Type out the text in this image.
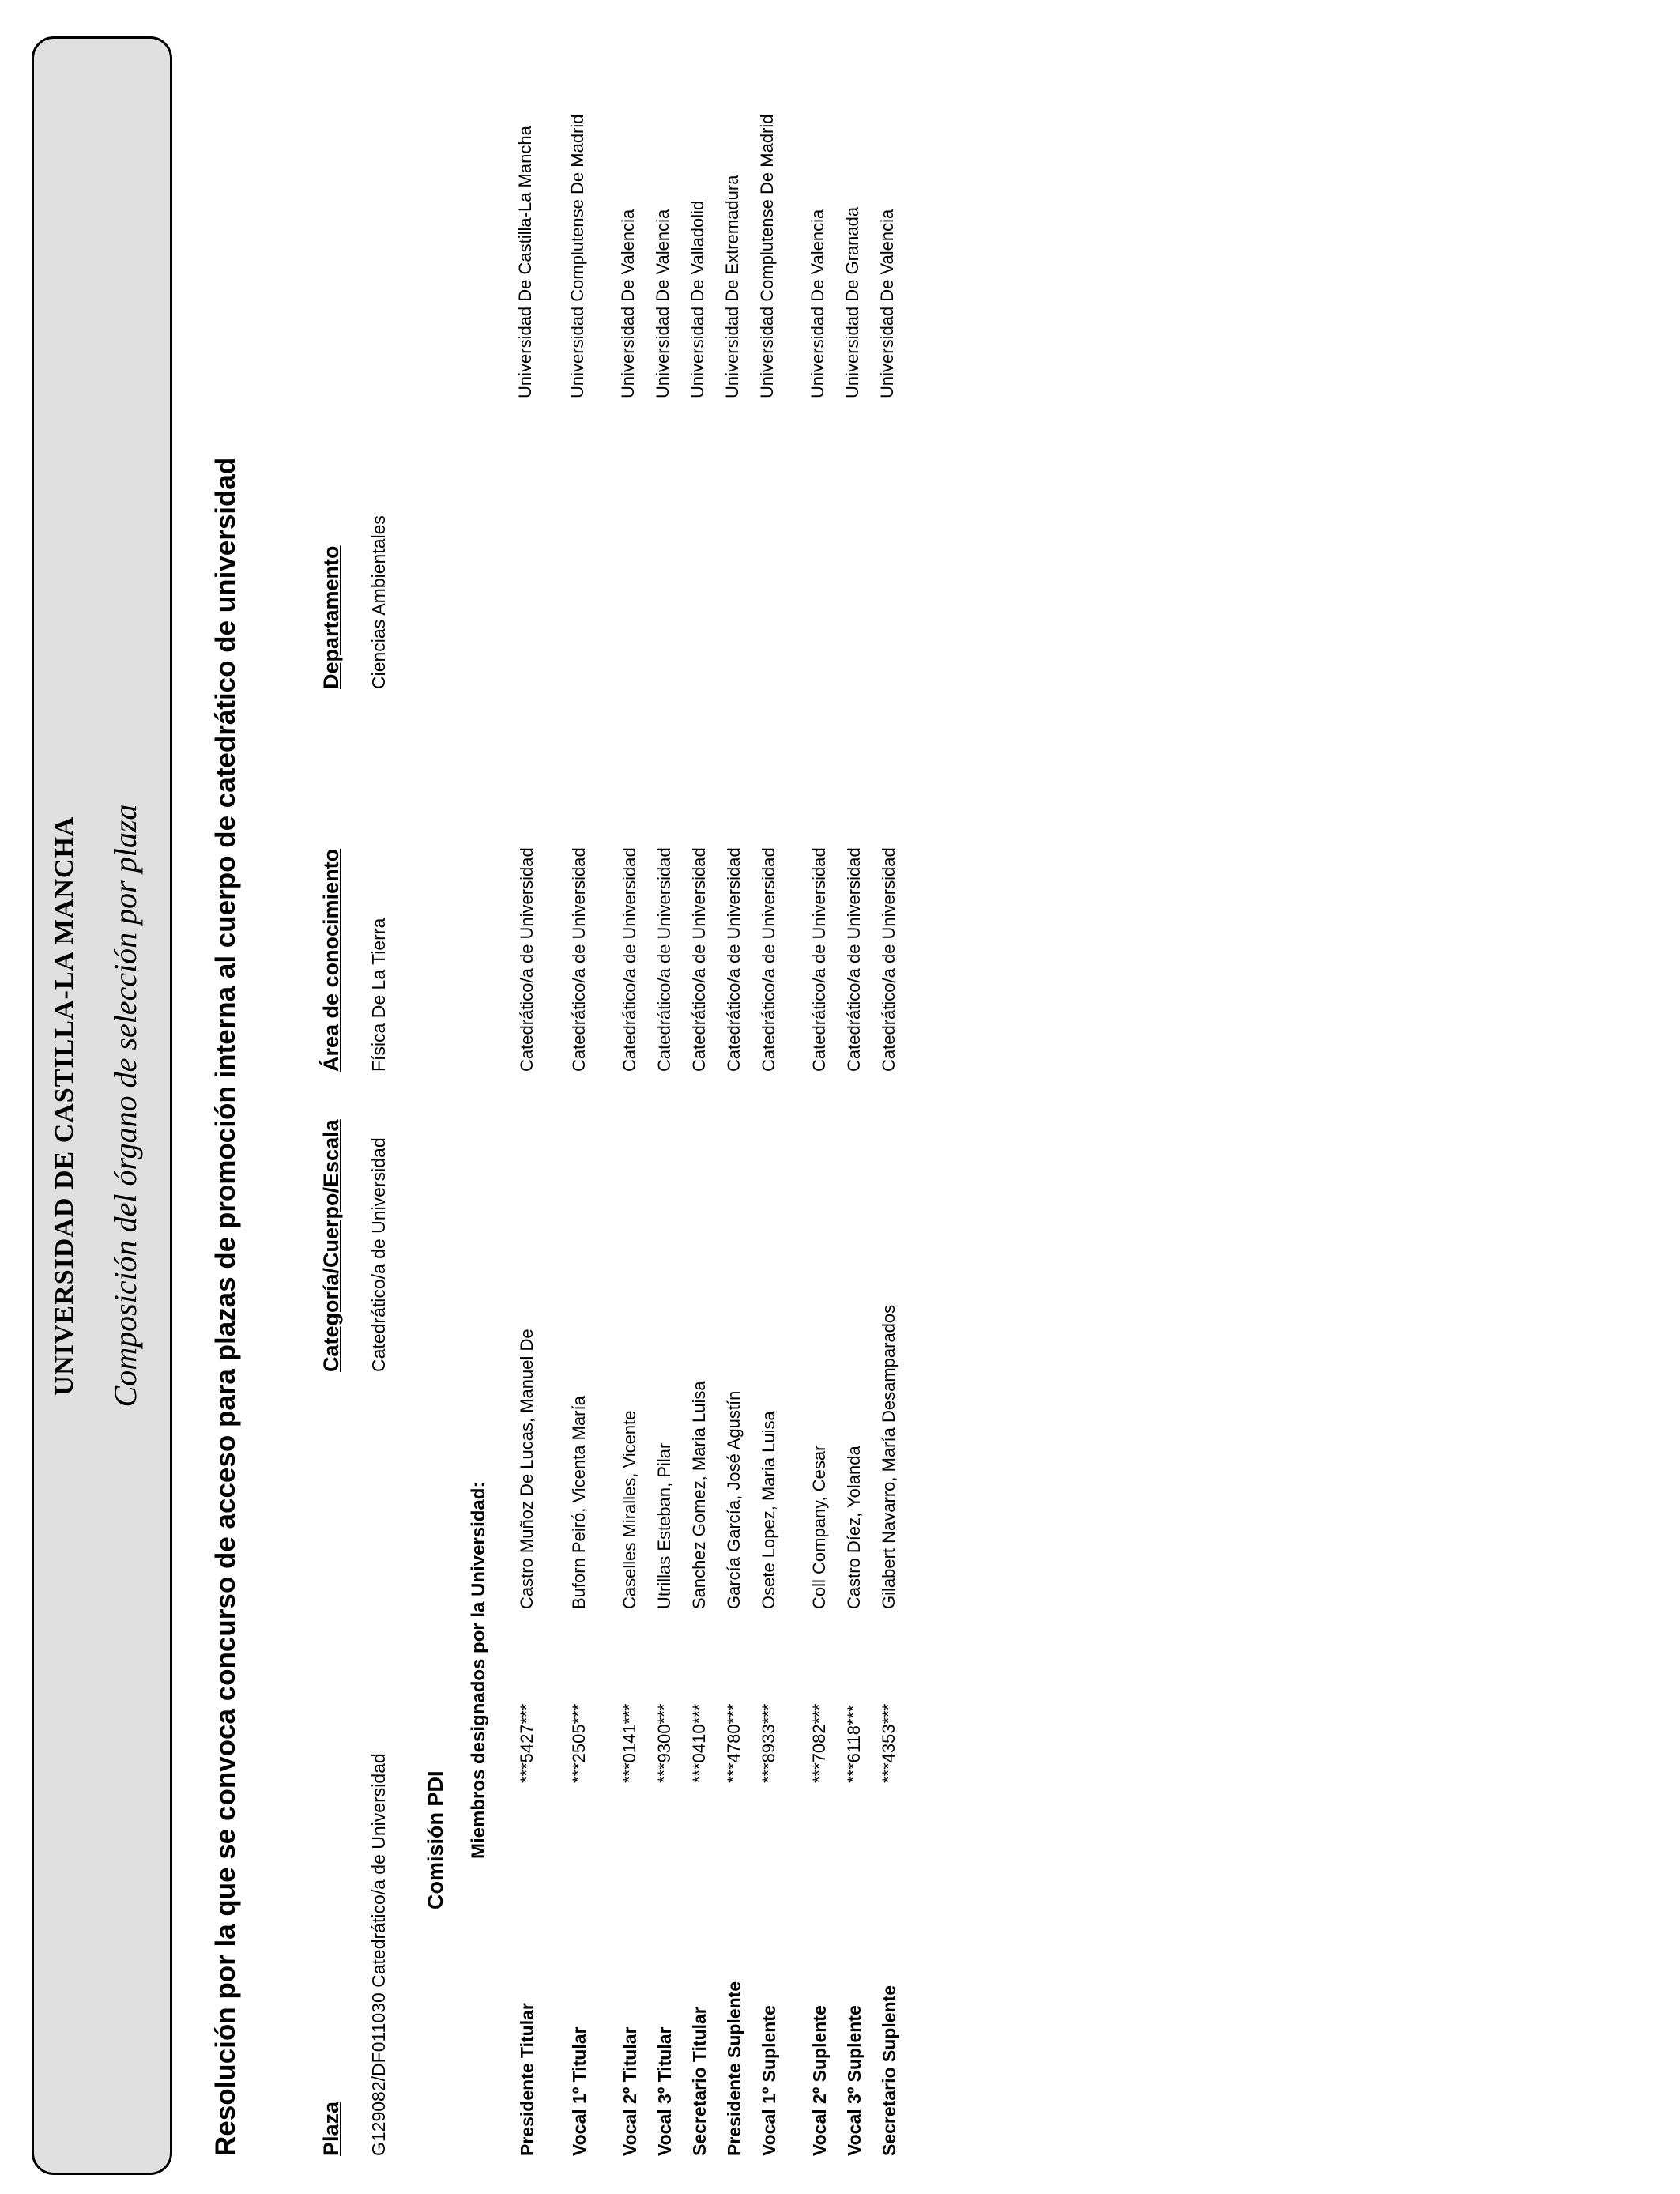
UNIVERSIDAD DE CASTILLA-LA MANCHA Composición del órgano de selección por plaza Resolución por la que se convoca concurso de acceso para plazas de promoción interna al cuerpo de catedrático de universidad	Plaza
Categoría/Cuerpo/Escala
Área de conocimiento
Departamento
G129082/DF011030 Catedrático/a de Universidad
Catedrático/a de Universidad
Física De La Tierra
Ciencias Ambientales
Comisión PDI Miembros designados por la Universidad:
Presidente Titular
***5427***
Castro Muñoz De Lucas, Manuel De
Catedrático/a de Universidad
Universidad De Castilla-La Mancha
Vocal 1º Titular
***2505***
Buforn Peiró, Vicenta María
Catedrático/a de Universidad
Universidad Complutense De Madrid
Vocal 2º Titular
***0141***
Caselles Miralles, Vicente
Catedrático/a de Universidad
Universidad De Valencia
Vocal 3º Titular
***9300***
Utrillas Esteban, Pilar
Catedrático/a de Universidad
Universidad De Valencia
Secretario Titular
***0410***
Sanchez Gomez, Maria Luisa
Catedrático/a de Universidad
Universidad De Valladolid
Presidente Suplente
***4780***
García García, José Agustín
Catedrático/a de Universidad
Universidad De Extremadura
Vocal 1º Suplente
***8933***
Osete Lopez, Maria Luisa
Catedrático/a de Universidad
Universidad Complutense De Madrid
Vocal 2º Suplente
***7082***
Coll Company, Cesar
Catedrático/a de Universidad
Universidad De Valencia
Vocal 3º Suplente
***6118***
Castro Díez, Yolanda
Catedrático/a de Universidad
Universidad De Granada
Secretario Suplente
***4353***
Gilabert Navarro, María Desamparados
Catedrático/a de Universidad
Universidad De Valencia
